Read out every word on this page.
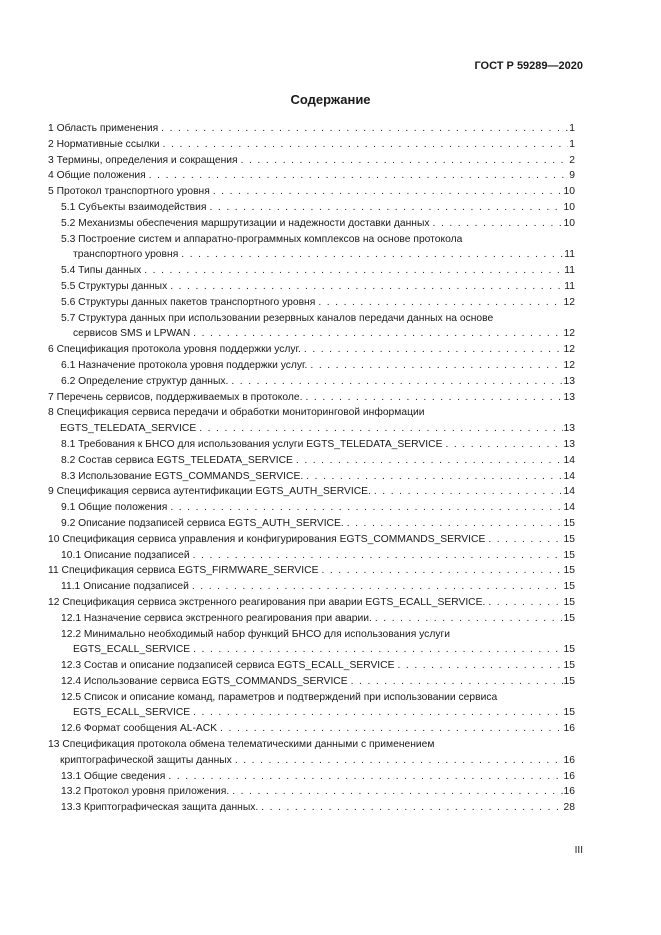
ГОСТ Р 59289—2020
Содержание
1 Область применения . . .	1
2 Нормативные ссылки . . .	1
3 Термины, определения и сокращения . . .	2
4 Общие положения . . .	9
5 Протокол транспортного уровня . . .	10
5.1 Субъекты взаимодействия . . .	10
5.2 Механизмы обеспечения маршрутизации и надежности доставки данных . . .	10
5.3 Построение систем и аппаратно-программных комплексов на основе протокола
транспортного уровня . . .	11
5.4 Типы данных . . .	11
5.5 Структуры данных . . .	11
5.6 Структуры данных пакетов транспортного уровня . . .	12
5.7 Структура данных при использовании резервных каналов передачи данных на основе
сервисов SMS и LPWAN . . .	12
6 Спецификация протокола уровня поддержки услуг. . . .	12
6.1 Назначение протокола уровня поддержки услуг. . . .	12
6.2 Определение структур данных. . . .	13
7 Перечень сервисов, поддерживаемых в протоколе. . . .	13
8 Спецификация сервиса передачи и обработки мониторинговой информации
EGTS_TELEDATA_SERVICE . . .	13
8.1 Требования к БНСО для использования услуги EGTS_TELEDATA_SERVICE . . .	13
8.2 Состав сервиса EGTS_TELEDATA_SERVICE . . .	14
8.3 Использование EGTS_COMMANDS_SERVICE. . . .	14
9 Спецификация сервиса аутентификации EGTS_AUTH_SERVICE. . . .	14
9.1 Общие положения . . .	14
9.2 Описание подзаписей сервиса EGTS_AUTH_SERVICE. . . .	15
10 Спецификация сервиса управления и конфигурирования EGTS_COMMANDS_SERVICE . . .	15
10.1 Описание подзаписей . . .	15
11 Спецификация сервиса EGTS_FIRMWARE_SERVICE . . .	15
11.1 Описание подзаписей . . .	15
12 Спецификация сервиса экстренного реагирования при аварии EGTS_ECALL_SERVICE. . . .	15
12.1 Назначение сервиса экстренного реагирования при аварии. . . .	15
12.2 Минимально необходимый набор функций БНСО для использования услуги
EGTS_ECALL_SERVICE . . .	15
12.3 Состав и описание подзаписей сервиса EGTS_ECALL_SERVICE . . .	15
12.4 Использование сервиса EGTS_COMMANDS_SERVICE . . .	15
12.5 Список и описание команд, параметров и подтверждений при использовании сервиса
EGTS_ECALL_SERVICE . . .	15
12.6 Формат сообщения AL-ACK . . .	16
13 Спецификация протокола обмена телематическими данными с применением
криптографической защиты данных . . .	16
13.1 Общие сведения . . .	16
13.2 Протокол уровня приложения. . . .	16
13.3 Криптографическая защита данных. . . .	28
III
